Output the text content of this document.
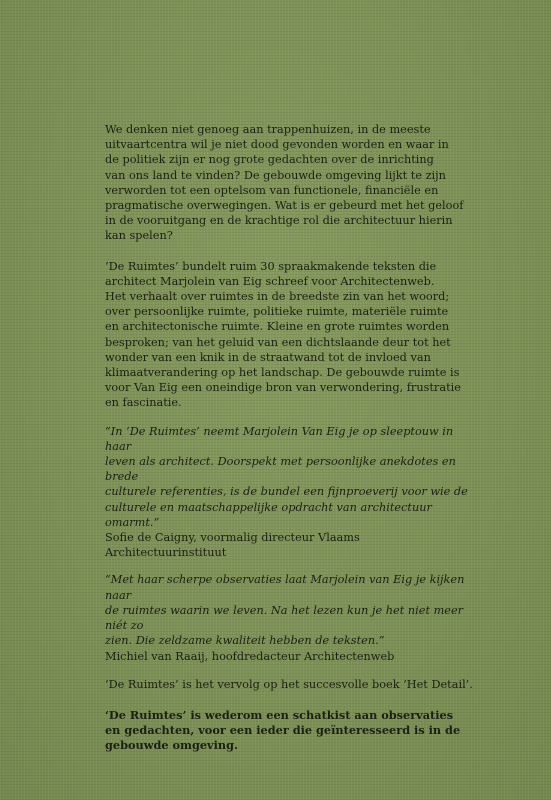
We denken niet genoeg aan trappenhuizen, in de meeste
uitvaartcentra wil je niet dood gevonden worden en waar in
de politiek zijn er nog grote gedachten over de inrichting
van ons land te vinden? De gebouwde omgeving lijkt te zijn
verworden tot een optelsom van functionele, financiële en
pragmatische overwegingen. Wat is er gebeurd met het geloof
in de vooruitgang en de krachtige rol die architectuur hierin
kan spelen?

‘De Ruimtes’ bundelt ruim 30 spraakmakende teksten die
architect Marjolein van Eig schreef voor Architectenweb.
Het verhaalt over ruimtes in de breedste zin van het woord;
over persoonlijke ruimte, politieke ruimte, materiële ruimte
en architectonische ruimte. Kleine en grote ruimtes worden
besproken; van het geluid van een dichtslaande deur tot het
wonder van een knik in de straatwand tot de invloed van
klimaatverandering op het landschap. De gebouwde ruimte is
voor Van Eig een oneindige bron van verwondering, frustratie
en fascinatie.

“In ‘De Ruimtes’ neemt Marjolein Van Eig je op sleeptouw in haar
leven als architect. Doorspekt met persoonlijke anekdotes en brede
culturele referenties, is de bundel een fijnproeverij voor wie de
culturele en maatschappelijke opdracht van architectuur omarmt.”

Sofie de Caigny, voormalig directeur Vlaams
Architectuurinstituut

“Met haar scherpe observaties laat Marjolein van Eig je kijken naar
de ruimtes waarin we leven. Na het lezen kun je het niet meer niét zo
zien. Die zeldzame kwaliteit hebben de teksten.”

Michiel van Raaij, hoofdredacteur Architectenweb

‘De Ruimtes’ is het vervolg op het succesvolle boek ‘Het Detail’.

‘De Ruimtes’ is wederom een schatkist aan observaties
en gedachten, voor een ieder die geïnteresseerd is in de
gebouwde omgeving.
